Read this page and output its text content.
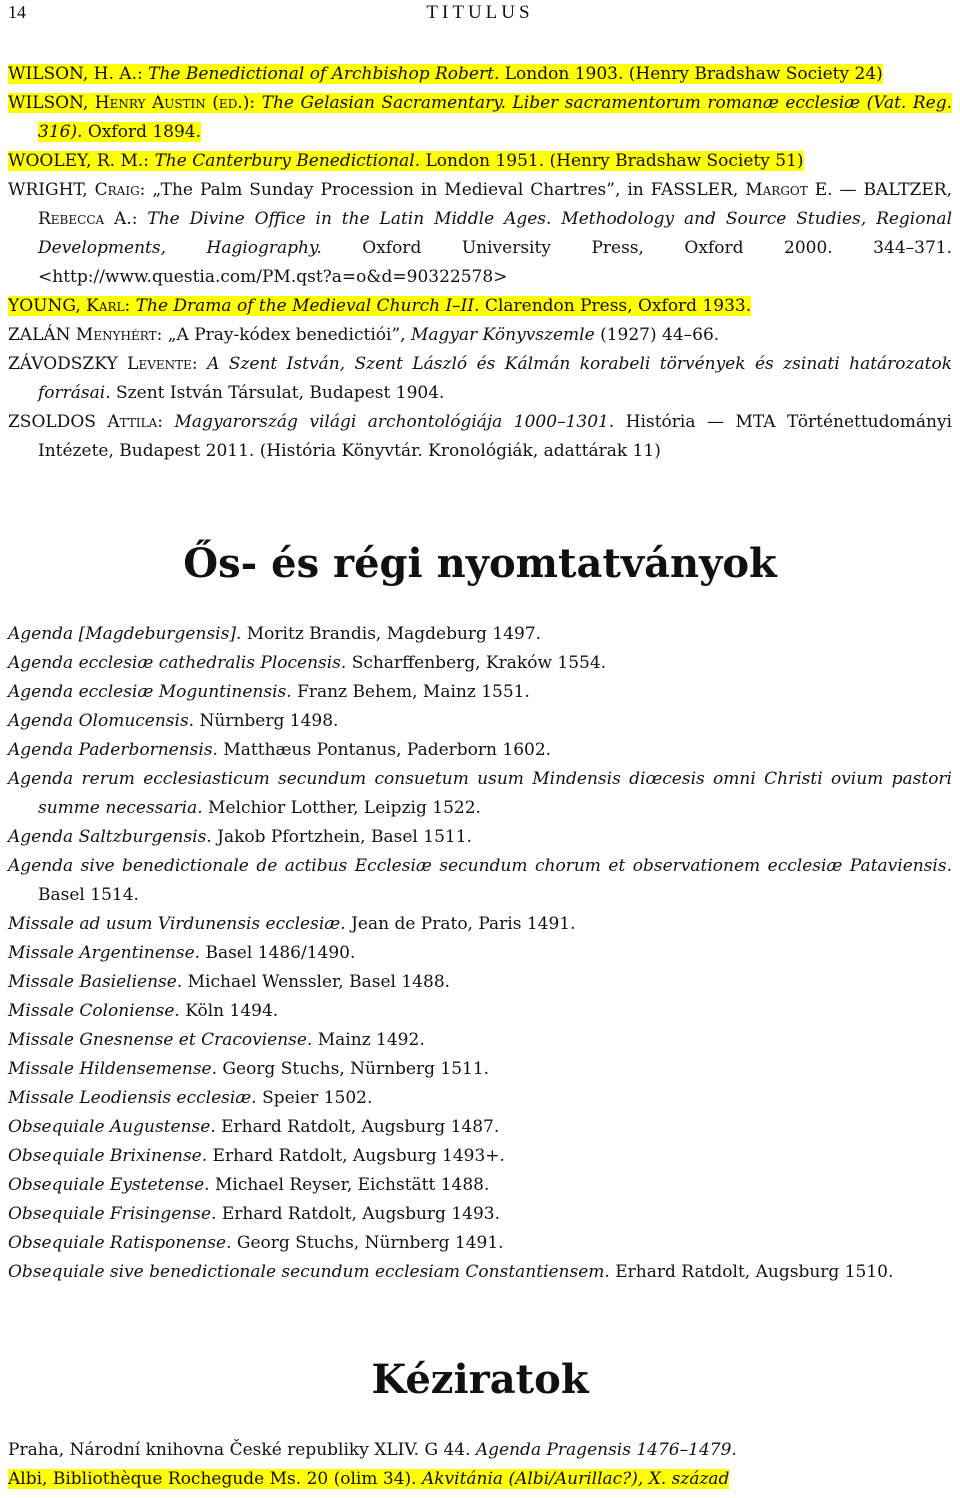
14	TITULUS
WILSON, H. A.: The Benedictional of Archbishop Robert. London 1903. (Henry Bradshaw Society 24)
WILSON, Henry Austin (ed.): The Gelasian Sacramentary. Liber sacramentorum romanæ ecclesiæ (Vat. Reg. 316). Oxford 1894.
WOOLEY, R. M.: The Canterbury Benedictional. London 1951. (Henry Bradshaw Society 51)
WRIGHT, Craig: „The Palm Sunday Procession in Medieval Chartres”, in FASSLER, Margot E. — BALTZER, Rebecca A.: The Divine Office in the Latin Middle Ages. Methodology and Source Studies, Regional Developments, Hagiography. Oxford University Press, Oxford 2000. 344–371. <http://www.questia.com/PM.qst?a=o&d=90322578>
YOUNG, Karl: The Drama of the Medieval Church I–II. Clarendon Press, Oxford 1933.
ZALÁN Menyhért: „A Pray-kódex benedictiói”, Magyar Könyvszemle (1927) 44–66.
ZÁVODSZKY Levente: A Szent István, Szent László és Kálmán korabeli törvények és zsinati határozatok forrásai. Szent István Társulat, Budapest 1904.
ZSOLDOS Attila: Magyarország világi archontológiája 1000–1301. História — MTA Történettudományi Intézete, Budapest 2011. (História Könyvtár. Kronológiák, adattárak 11)
Ős- és régi nyomtatványok
Agenda [Magdeburgensis]. Moritz Brandis, Magdeburg 1497.
Agenda ecclesiæ cathedralis Plocensis. Scharffenberg, Kraków 1554.
Agenda ecclesiæ Moguntinensis. Franz Behem, Mainz 1551.
Agenda Olomucensis. Nürnberg 1498.
Agenda Paderbornensis. Matthæus Pontanus, Paderborn 1602.
Agenda rerum ecclesiasticum secundum consuetum usum Mindensis diœcesis omni Christi ovium pastori summe necessaria. Melchior Lotther, Leipzig 1522.
Agenda Saltzburgensis. Jakob Pfortzhein, Basel 1511.
Agenda sive benedictionale de actibus Ecclesiæ secundum chorum et observationem ecclesiæ Pataviensis. Basel 1514.
Missale ad usum Virdunensis ecclesiæ. Jean de Prato, Paris 1491.
Missale Argentinense. Basel 1486/1490.
Missale Basieliense. Michael Wenssler, Basel 1488.
Missale Coloniense. Köln 1494.
Missale Gnesnense et Cracoviense. Mainz 1492.
Missale Hildensemense. Georg Stuchs, Nürnberg 1511.
Missale Leodiensis ecclesiæ. Speier 1502.
Obsequiale Augustense. Erhard Ratdolt, Augsburg 1487.
Obsequiale Brixinense. Erhard Ratdolt, Augsburg 1493+.
Obsequiale Eystetense. Michael Reyser, Eichstätt 1488.
Obsequiale Frisingense. Erhard Ratdolt, Augsburg 1493.
Obsequiale Ratisponense. Georg Stuchs, Nürnberg 1491.
Obsequiale sive benedictionale secundum ecclesiam Constantiensem. Erhard Ratdolt, Augsburg 1510.
Kéziratok
Praha, Národní knihovna České republiky XLIV. G 44. Agenda Pragensis 1476–1479.
Albi, Bibliothèque Rochegude Ms. 20 (olim 34). Akvitánia (Albi/Aurillac?), X. század
